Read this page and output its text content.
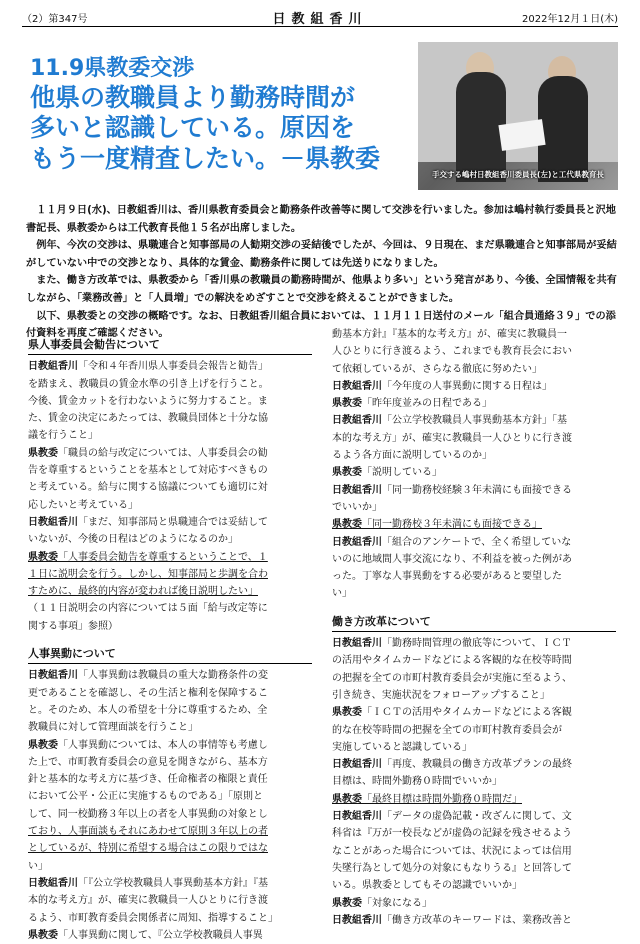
（2）第347号	日教組香川	2022年12月１日(木)
11.9県教委交渉
他県の教職員より勤務時間が
多いと認識している。原因を
もう一度精査したい。－県教委
手交する嶋村日教組香川委員長(左)と工代県教育長

１１月９日(水)、日教組香川は、香川県教育委員会と勤務条件改善等に関して交渉を行いました。参加は嶋村執行委員長と沢地書記長、県教委からは工代教育長他１５名が出席しました。

例年、今次の交渉は、県職連合と知事部局の人勧期交渉の妥結後でしたが、今回は、９日現在、まだ県職連合と知事部局が妥結がしていない中での交渉となり、具体的な賃金、勤務条件に関しては先送りになりました。

また、働き方改革では、県教委から「香川県の教職員の勤務時間が、他県より多い」という発言があり、今後、全国情報を共有しながら、「業務改善」と「人員増」での解決をめざすことで交渉を終えることができました。

以下、県教委との交渉の概略です。なお、日教組香川組合員においては、１１月１１日送付のメール「組合員通絡３９」での添付資料を再度ご確認ください。

県人事委員会勧告について
日教組香川「令和４年香川県人事委員会報告と勧告」
を踏まえ、教職員の賃金水準の引き上げを行うこと。
今後、賃金カットを行わないように努力すること。ま
た、賃金の決定にあたっては、教職員団体と十分な協
議を行うこと」
県教委「職員の給与改定については、人事委員会の勧
告を尊重するということを基本として対応すべきもの
と考えている。給与に関する協議についても適切に対
応したいと考えている」
日教組香川「まだ、知事部局と県職連合では妥結して
いないが、今後の日程はどのようになるのか」
県教委「人事委員会勧告を尊重するということで、１
１日に説明会を行う。しかし、知事部局と歩調を合わ
すために、最終的内容が変われば後日説明したい」
（１１日説明会の内容については５面「給与改定等に
関する事項」参照）
人事異動について
日教組香川「人事異動は教職員の重大な勤務条件の変
更であることを確認し、その生活と権利を保障するこ
と。そのため、本人の希望を十分に尊重するため、全
教職員に対して管理面談を行うこと」
県教委「人事異動については、本人の事情等も考慮し
た上で、市町教育委員会の意見を聞きながら、基本方
針と基本的な考え方に基づき、任命権者の権限と責任
において公平・公正に実施するものである」「原則と
して、同一校勤務３年以上の者を人事異動の対象とし
ており、人事面談もそれにあわせて原則３年以上の者
としているが、特別に希望する場合はこの限りではな
い」
日教組香川「『公立学校教職員人事異動基本方針』『基
本的な考え方』が、確実に教職員一人ひとりに行き渡
るよう、市町教育委員会関係者に周知、指導すること」
県教委「人事異動に関して、『公立学校教職員人事異
動基本方針』『基本的な考え方』が、確実に教職員一
人ひとりに行き渡るよう、これまでも教育長会におい
て依頼しているが、さらなる徹底に努めたい」
日教組香川「今年度の人事異動に関する日程は」
県教委「昨年度並みの日程である」
日教組香川「公立学校教職員人事異動基本方針」「基
本的な考え方」が、確実に教職員一人ひとりに行き渡
るよう各方面に説明しているのか」
県教委「説明している」
日教組香川「同一勤務校経験３年未満にも面接できる
でいいか」
県教委「同一勤務校３年未満にも面接できる」
日教組香川「組合のアンケートで、全く希望していな
いのに地域間人事交流になり、不利益を被った例があ
った。丁寧な人事異動をする必要があると要望した
い」
働き方改革について
日教組香川「勤務時間管理の徹底等について、ＩＣＴ
の活用やタイムカードなどによる客観的な在校等時間
の把握を全ての市町村教育委員会が実施に至るよう、
引き続き、実施状況をフォローアップすること」
県教委「ＩＣＴの活用やタイムカードなどによる客観
的な在校等時間の把握を全ての市町村教育委員会が
実施していると認識している」
日教組香川「再度、教職員の働き方改革プランの最終
目標は、時間外勤務０時間でいいか」
県教委「最終目標は時間外勤務０時間だ」
日教組香川「データの虚偽記載・改ざんに関して、文
科省は『万が一校長などが虚偽の記録を残させるよう
なことがあった場合については、状況によっては信用
失墜行為として処分の対象にもなりうる』と回答して
いる。県教委としてもその認識でいいか」
県教委「対象になる」
日教組香川「働き方改革のキーワードは、業務改善と
